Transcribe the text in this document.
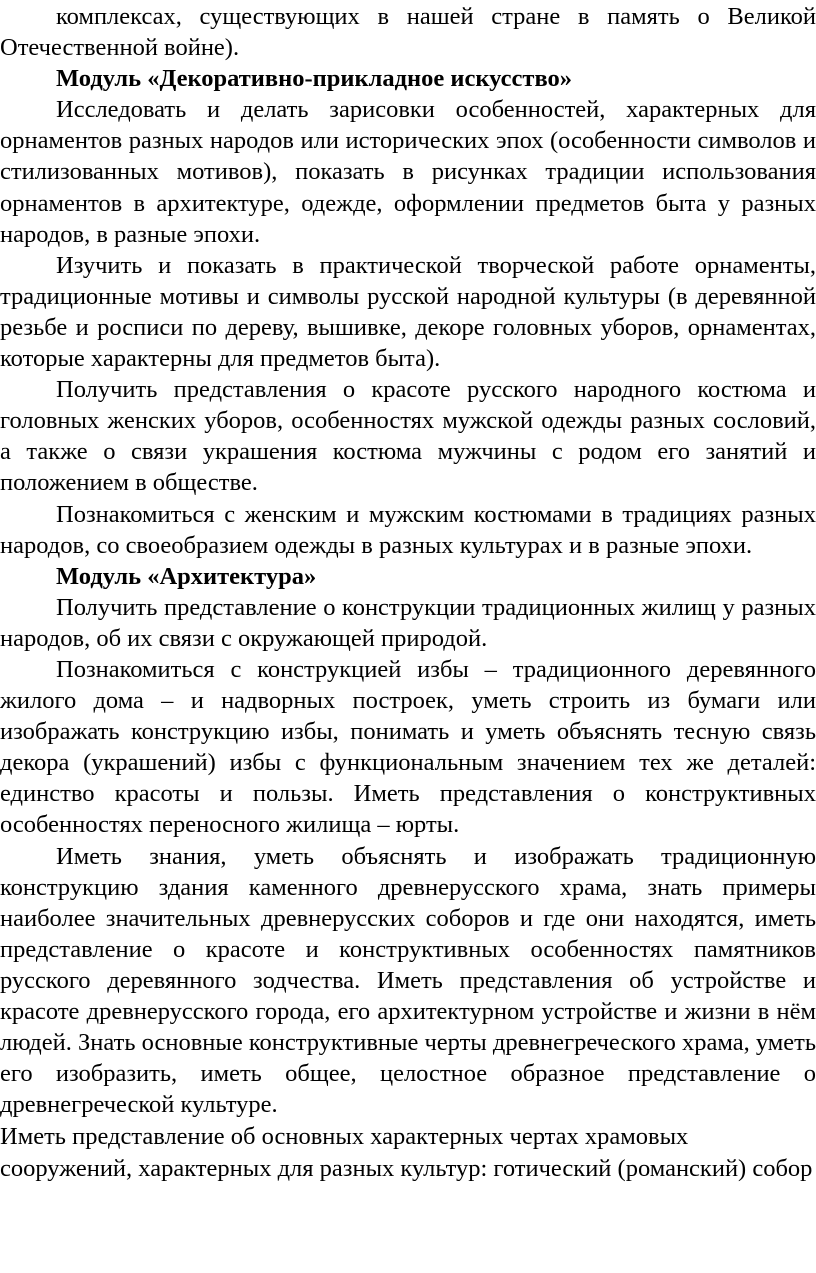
комплексах, существующих в нашей стране в память о Великой Отечественной войне).

Модуль «Декоративно-прикладное искусство»

Исследовать и делать зарисовки особенностей, характерных для орнаментов разных народов или исторических эпох (особенности символов и стилизованных мотивов), показать в рисунках традиции использования орнаментов в архитектуре, одежде, оформлении предметов быта у разных народов, в разные эпохи.

Изучить и показать в практической творческой работе орнаменты, традиционные мотивы и символы русской народной культуры (в деревянной резьбе и росписи по дереву, вышивке, декоре головных уборов, орнаментах, которые характерны для предметов быта).

Получить представления о красоте русского народного костюма и головных женских уборов, особенностях мужской одежды разных сословий, а также о связи украшения костюма мужчины с родом его занятий и положением в обществе.

Познакомиться с женским и мужским костюмами в традициях разных народов, со своеобразием одежды в разных культурах и в разные эпохи.

Модуль «Архитектура»

Получить представление о конструкции традиционных жилищ у разных народов, об их связи с окружающей природой.

Познакомиться с конструкцией избы – традиционного деревянного жилого дома – и надворных построек, уметь строить из бумаги или изображать конструкцию избы, понимать и уметь объяснять тесную связь декора (украшений) избы с функциональным значением тех же деталей: единство красоты и пользы. Иметь представления о конструктивных особенностях переносного жилища – юрты.

Иметь знания, уметь объяснять и изображать традиционную конструкцию здания каменного древнерусского храма, знать примеры наиболее значительных древнерусских соборов и где они находятся, иметь представление о красоте и конструктивных особенностях памятников русского деревянного зодчества. Иметь представления об устройстве и красоте древнерусского города, его архитектурном устройстве и жизни в нём людей. Знать основные конструктивные черты древнегреческого храма, уметь его изобразить, иметь общее, целостное образное представление о древнегреческой культуре.

Иметь представление об основных характерных чертах храмовых сооружений, характерных для разных культур: готический (романский) собор
